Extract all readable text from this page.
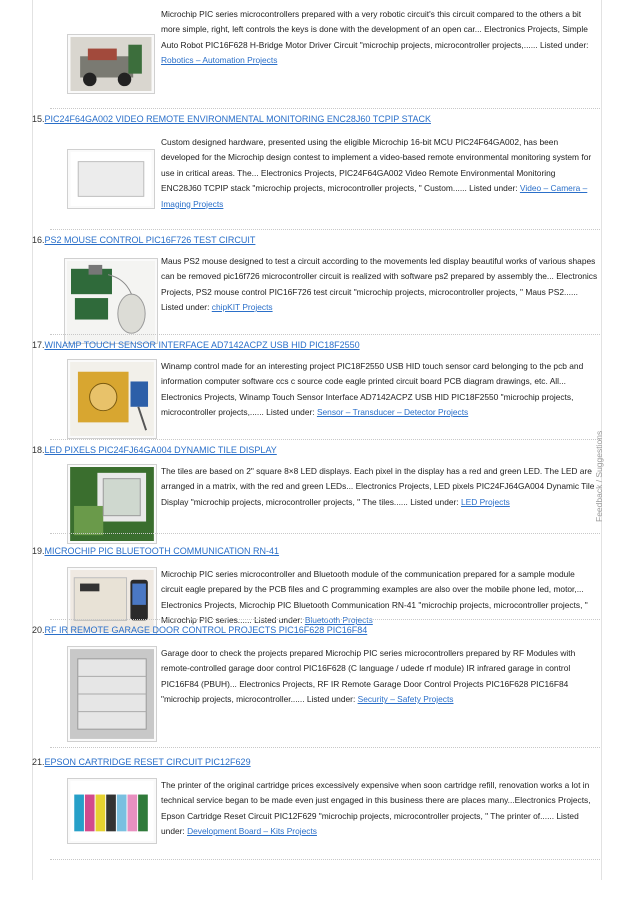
Microchip PIC series microcontrollers prepared with a very robotic circuit's this circuit compared to the others a bit more simple, right, left controls the keys is done with the development of an open car... Electronics Projects, Simple Auto Robot PIC16F628 H-Bridge Motor Driver Circuit "microchip projects, microcontroller projects,...... Listed under: Robotics – Automation Projects
15.PIC24F64GA002 VIDEO REMOTE ENVIRONMENTAL MONITORING ENC28J60 TCPIP STACK
Custom designed hardware, presented using the eligible Microchip 16-bit MCU PIC24F64GA002, has been developed for the Microchip design contest to implement a video-based remote environmental monitoring system for use in critical areas. The... Electronics Projects, PIC24F64GA002 Video Remote Environmental Monitoring ENC28J60 TCPIP stack "microchip projects, microcontroller projects, " Custom...... Listed under: Video – Camera – Imaging Projects
16.PS2 MOUSE CONTROL PIC16F726 TEST CIRCUIT
Maus PS2 mouse designed to test a circuit according to the movements led display beautiful works of various shapes can be removed pic16f726 microcontroller circuit is realized with software ps2 prepared by assembly the... Electronics Projects, PS2 mouse control PIC16F726 test circuit "microchip projects, microcontroller projects, " Maus PS2...... Listed under: chipKIT Projects
17.WINAMP TOUCH SENSOR INTERFACE AD7142ACPZ USB HID PIC18F2550
Winamp control made for an interesting project PIC18F2550 USB HID touch sensor card belonging to the pcb and information computer software ccs c source code eagle printed circuit board PCB diagram drawings, etc. All... Electronics Projects, Winamp Touch Sensor Interface AD7142ACPZ USB HID PIC18F2550 "microchip projects, microcontroller projects,...... Listed under: Sensor – Transducer – Detector Projects
18.LED PIXELS PIC24FJ64GA004 DYNAMIC TILE DISPLAY
The tiles are based on 2" square 8×8 LED displays. Each pixel in the display has a red and green LED. The LED are arranged in a matrix, with the red and green LEDs... Electronics Projects, LED pixels PIC24FJ64GA004 Dynamic Tile Display "microchip projects, microcontroller projects, " The tiles...... Listed under: LED Projects
19.MICROCHIP PIC BLUETOOTH COMMUNICATION RN-41
Microchip PIC series microcontroller and Bluetooth module of the communication prepared for a sample module circuit eagle prepared by the PCB files and C programming examples are also over the mobile phone led, motor,... Electronics Projects, Microchip PIC Bluetooth Communication RN-41 "microchip projects, microcontroller projects, " Microchip PIC series...... Listed under: Bluetooth Projects
20.RF IR REMOTE GARAGE DOOR CONTROL PROJECTS PIC16F628 PIC16F84
Garage door to check the projects prepared Microchip PIC series microcontrollers prepared by RF Modules with remote-controlled garage door control PIC16F628 (C language / udede rf module) IR infrared garage in control PIC16F84 (PBUH)... Electronics Projects, RF IR Remote Garage Door Control Projects PIC16F628 PIC16F84 "microchip projects, microcontroller...... Listed under: Security – Safety Projects
21.EPSON CARTRIDGE RESET CIRCUIT PIC12F629
The printer of the original cartridge prices excessively expensive when soon cartridge refill, renovation works a lot in technical service began to be made even just engaged in this business there are places many...Electronics Projects, Epson Cartridge Reset Circuit PIC12F629 "microchip projects, microcontroller projects, " The printer of...... Listed under: Development Board – Kits Projects
Feedback / Suggestions
